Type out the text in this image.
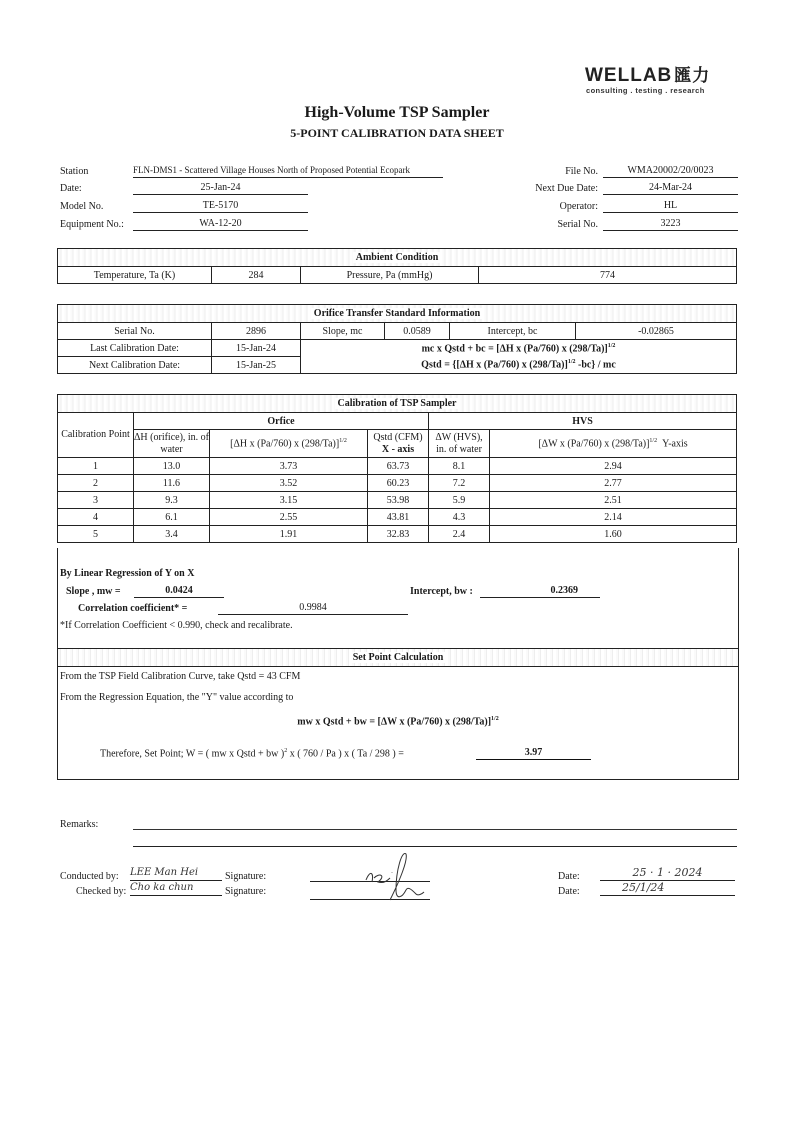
WELLAB 匯力
consulting . testing . research
High-Volume TSP Sampler
5-POINT CALIBRATION DATA SHEET
Station	FLN-DMS1 - Scattered Village Houses North of Proposed Potential Ecopark
Date:	25-Jan-24
Model No.	TE-5170
Equipment No.:	WA-12-20
File No.	WMA20002/20/0023
Next Due Date:	24-Mar-24
Operator:	HL
Serial No.	3223
Ambient Condition
Temperature, Ta (K)	284	Pressure, Pa (mmHg)	774
Orifice Transfer Standard Information					
Serial No.	2896	Slope, mc	0.0589	Intercept, bc	-0.02865
Last Calibration Date:	15-Jan-24	mc x Qstd + bc = [ΔH x (Pa/760) x (298/Ta)]$^{1/2}$
Next Calibration Date:	15-Jan-25	Qstd = {[ΔH x (Pa/760) x (298/Ta)]$^{1/2}$ -bc} / mc			
Calibration of TSP Sampler					
Calibration Point	Orfice			HVS	
	ΔH (orifice), in. of water	[ΔH x (Pa/760) x (298/Ta)]$^{1/2}$	Qstd (CFM)
X - axis	ΔW (HVS), in. of water	[ΔW x (Pa/760) x (298/Ta)]$^{1/2}$ Y-axis
1	13.0	3.73	63.73	8.1	2.94
2	11.6	3.52	60.23	7.2	2.77
3	9.3	3.15	53.98	5.9	2.51
4	6.1	2.55	43.81	4.3	2.14
5	3.4	1.91	32.83	2.4	1.60
By Linear Regression of Y on X
Slope , mw =	0.0424	Intercept, bw :	0.2369
Correlation coefficient* =	0.9984
*If Correlation Coefficient < 0.990, check and recalibrate.
Set Point Calculation
From the TSP Field Calibration Curve, take Qstd = 43 CFM
From the Regression Equation, the "Y" value according to
mw x Qstd + bw = [ΔW x (Pa/760) x (298/Ta)]$^{1/2}$
Therefore, Set Point; W = ( mw x Qstd + bw )$^2$ x ( 760 / Pa ) x ( Ta / 298 ) =	3.97
Remarks:
Conducted by: LEE Man Hei	Signature:
Checked by: Cho ka chun	Signature:
Date:	25 · 1 · 2024
Date:	25/1/24
